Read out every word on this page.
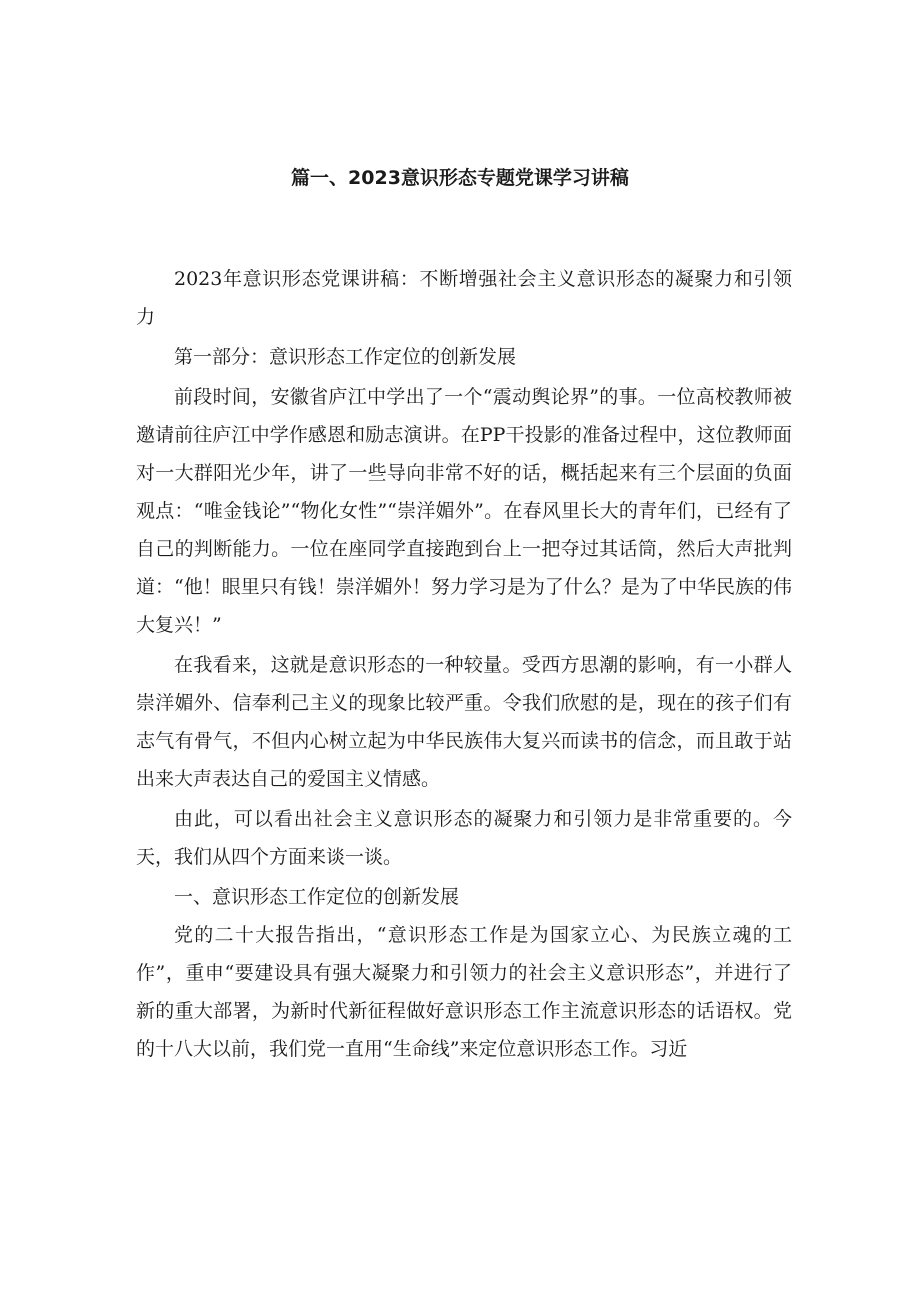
篇一、2023意识形态专题党课学习讲稿

2023年意识形态党课讲稿：不断增强社会主义意识形态的凝聚力和引领力

第一部分：意识形态工作定位的创新发展

前段时间，安徽省庐江中学出了一个“震动舆论界”的事。一位高校教师被邀请前往庐江中学作感恩和励志演讲。在PP干投影的准备过程中，这位教师面对一大群阳光少年，讲了一些导向非常不好的话，概括起来有三个层面的负面观点：“唯金钱论”“物化女性”“崇洋媚外”。在春风里长大的青年们，已经有了自己的判断能力。一位在座同学直接跑到台上一把夺过其话筒，然后大声批判道：“他！眼里只有钱！崇洋媚外！努力学习是为了什么？是为了中华民族的伟大复兴！”

在我看来，这就是意识形态的一种较量。受西方思潮的影响，有一小群人崇洋媚外、信奉利己主义的现象比较严重。令我们欣慰的是，现在的孩子们有志气有骨气，不但内心树立起为中华民族伟大复兴而读书的信念，而且敢于站出来大声表达自己的爱国主义情感。

由此，可以看出社会主义意识形态的凝聚力和引领力是非常重要的。今天，我们从四个方面来谈一谈。

一、意识形态工作定位的创新发展

党的二十大报告指出，“意识形态工作是为国家立心、为民族立魂的工作”，重申“要建设具有强大凝聚力和引领力的社会主义意识形态”，并进行了新的重大部署，为新时代新征程做好意识形态工作主流意识形态的话语权。党的十八大以前，我们党一直用“生命线”来定位意识形态工作。习近
